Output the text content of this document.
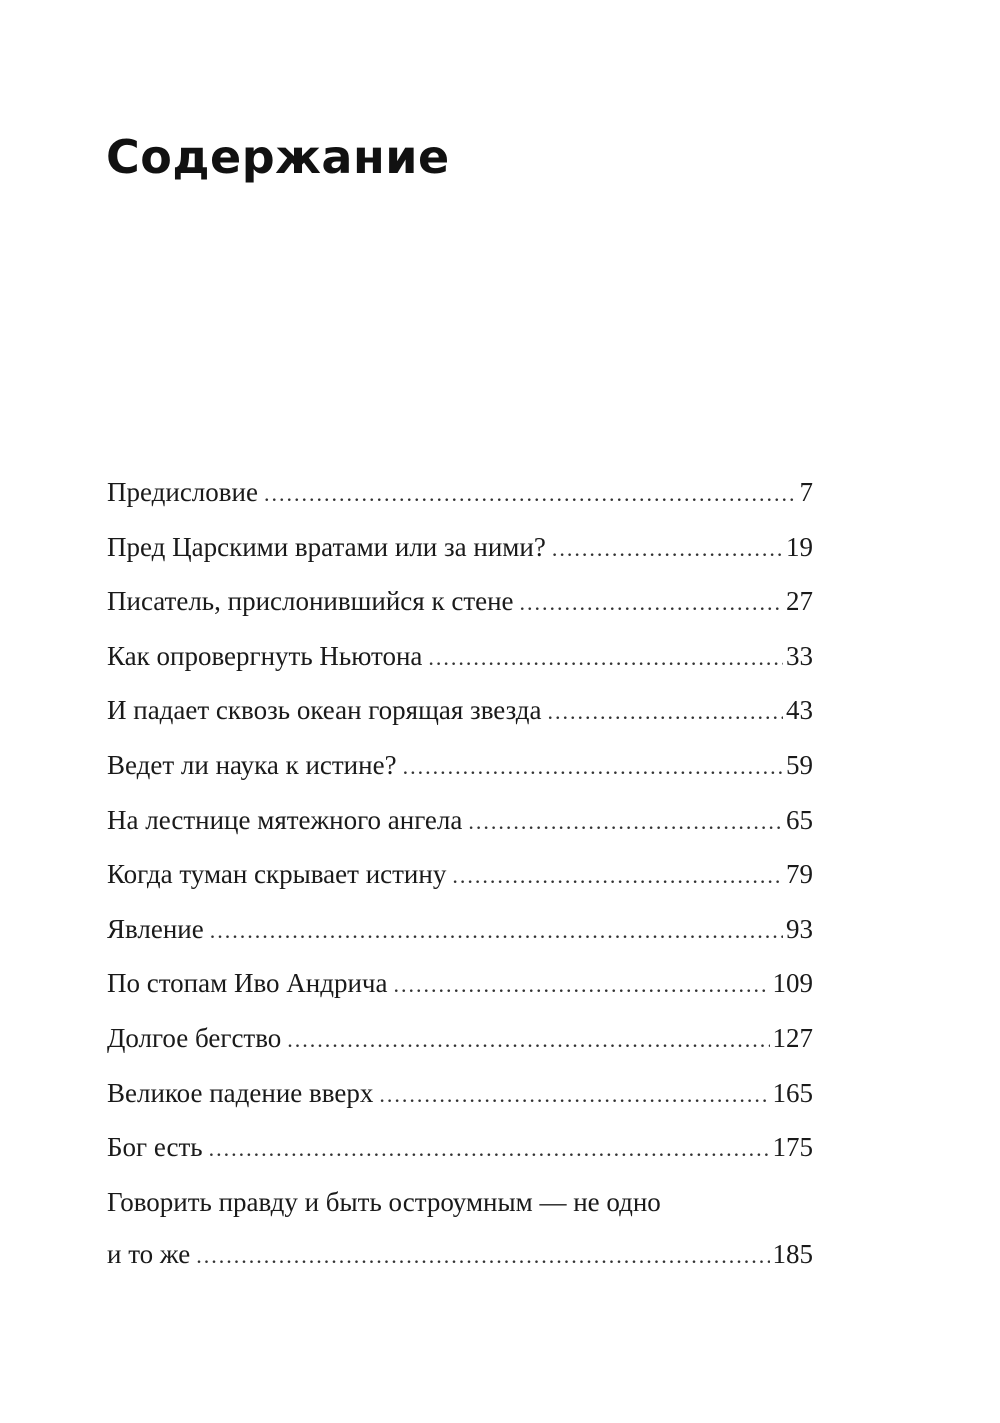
Содержание
Предисловие .....	7
Пред Царскими вратами или за ними? .....	19
Писатель, прислонившийся к стене .....	27
Как опровергнуть Ньютона .....	33
И падает сквозь океан горящая звезда .....	43
Ведет ли наука к истине? .....	59
На лестнице мятежного ангела .....	65
Когда туман скрывает истину .....	79
Явление .....	93
По стопам Иво Андрича .....	109
Долгое бегство .....	127
Великое падение вверх .....	165
Бог есть .....	175
Говорить правду и быть остроумным — не одно
и то же .....	185
